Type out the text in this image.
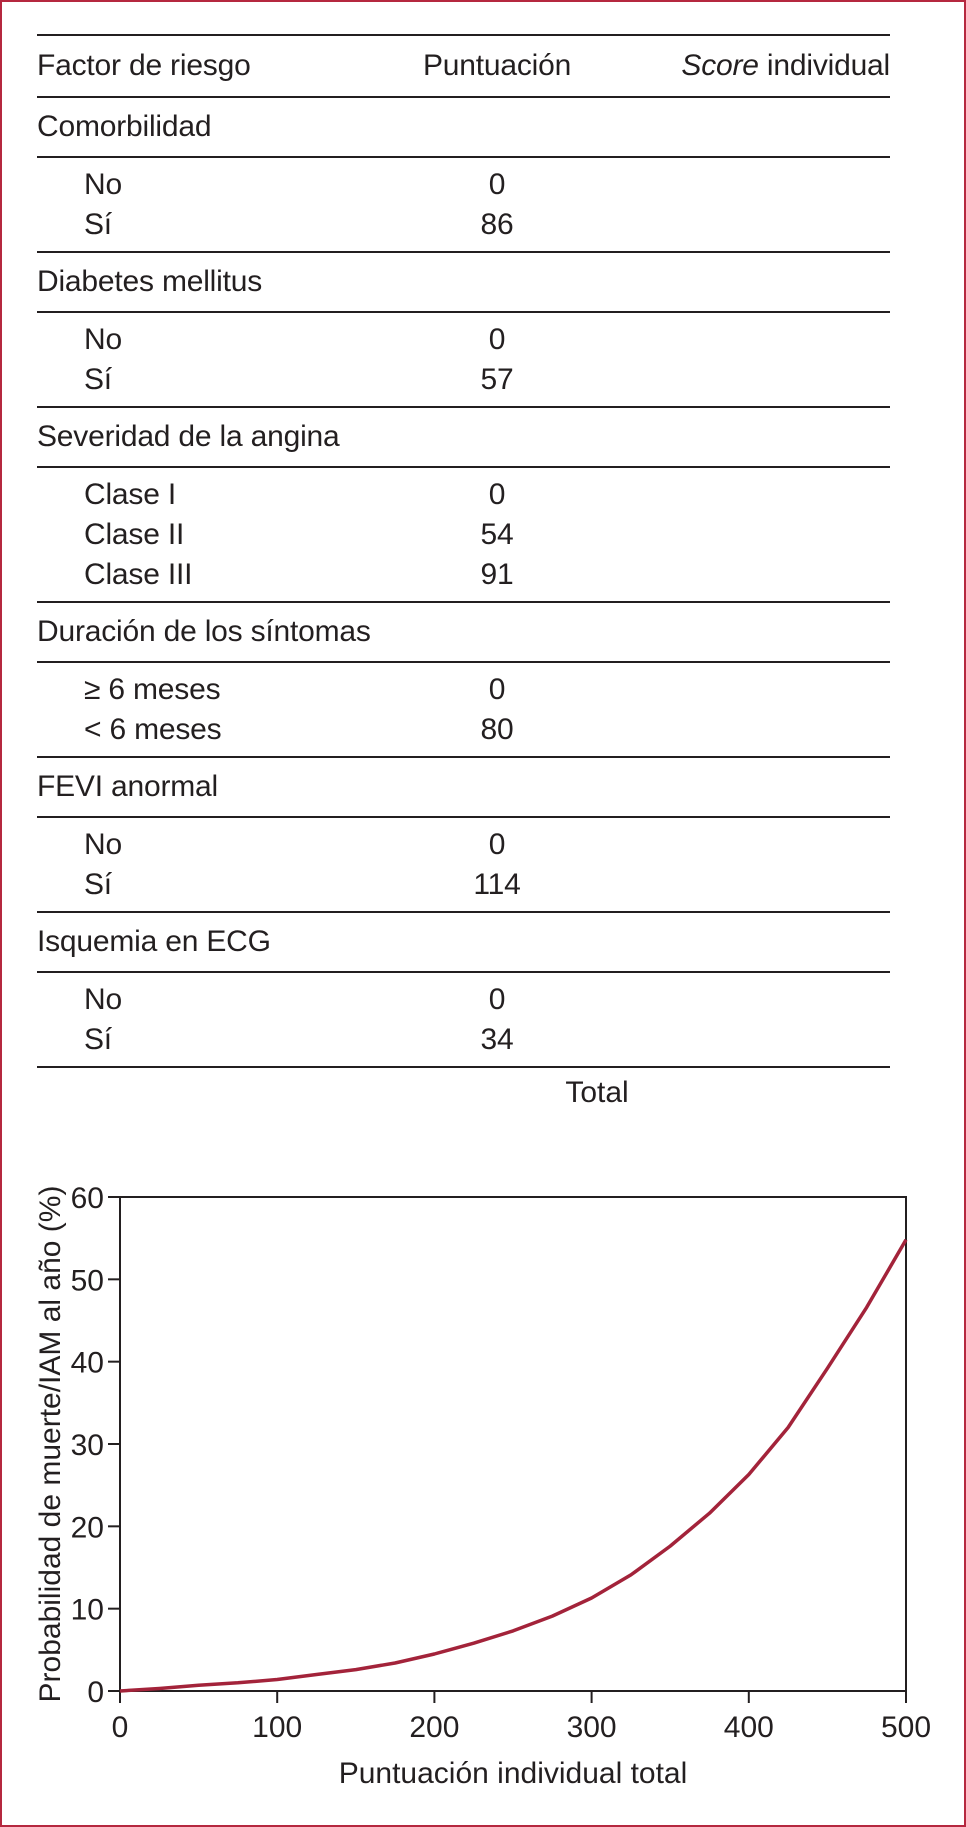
Factor de riesgo	Puntuación	Score individual
Comorbilidad
No	0
Sí	86
Diabetes mellitus
No	0
Sí	57
Severidad de la angina
Clase I	0
Clase II	54
Clase III	91
Duración de los síntomas
≥ 6 meses	0
< 6 meses	80
FEVI anormal
No	0
Sí	114
Isquemia en ECG
No	0
Sí	34
Total
0
10
20
30
40
50
60
0	100	200	300	400	500
Puntuación individual total
Probabilidad de muerte/IAM al año (%)
